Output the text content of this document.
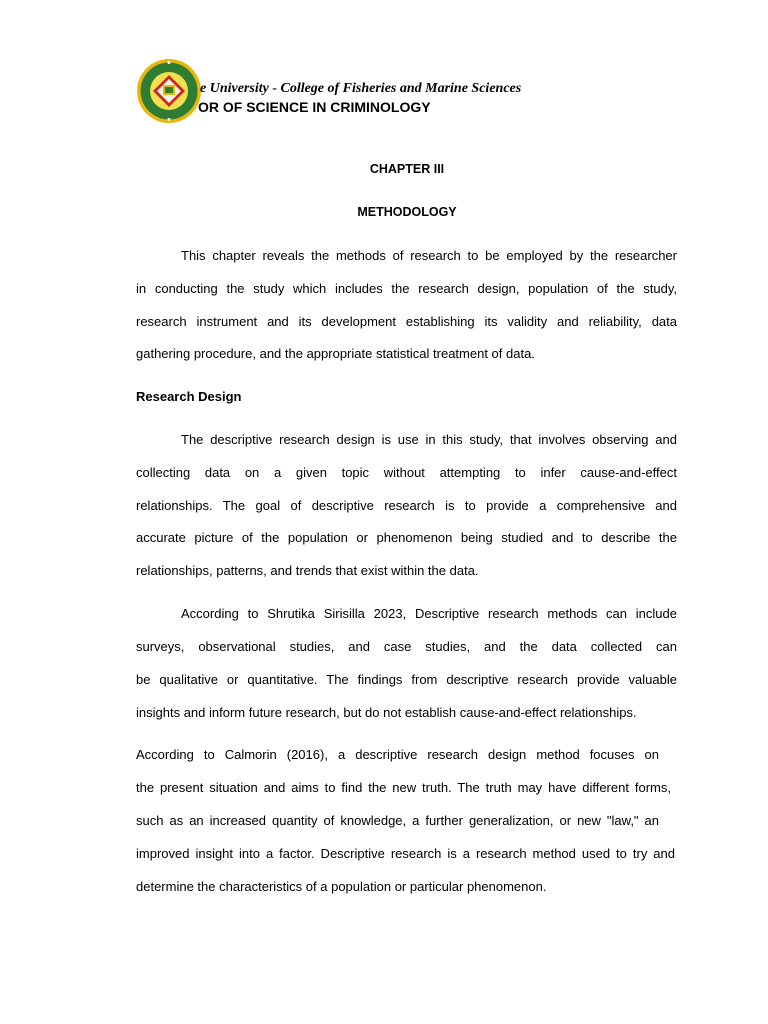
e University - College of Fisheries and Marine Sciences
OR OF SCIENCE IN CRIMINOLOGY
CHAPTER III
METHODOLOGY
This chapter reveals the methods of research to be employed by the researcher
in conducting the study which includes the research design, population of the study,
research instrument and its development establishing its validity and reliability, data
gathering procedure, and the appropriate statistical treatment of data.
Research Design
The descriptive research design is use in this study, that involves observing and
collecting data on a given topic without attempting to infer cause-and-effect
relationships. The goal of descriptive research is to provide a comprehensive and
accurate picture of the population or phenomenon being studied and to describe the
relationships, patterns, and trends that exist within the data.
According to Shrutika Sirisilla 2023, Descriptive research methods can include
surveys, observational studies, and case studies, and the data collected can
be qualitative or quantitative. The findings from descriptive research provide valuable
insights and inform future research, but do not establish cause-and-effect relationships.
According to Calmorin (2016), a descriptive research design method focuses on
the present situation and aims to find the new truth. The truth may have different forms,
such as an increased quantity of knowledge, a further generalization, or new "law," an
improved insight into a factor. Descriptive research is a research method used to try and
determine the characteristics of a population or particular phenomenon.
